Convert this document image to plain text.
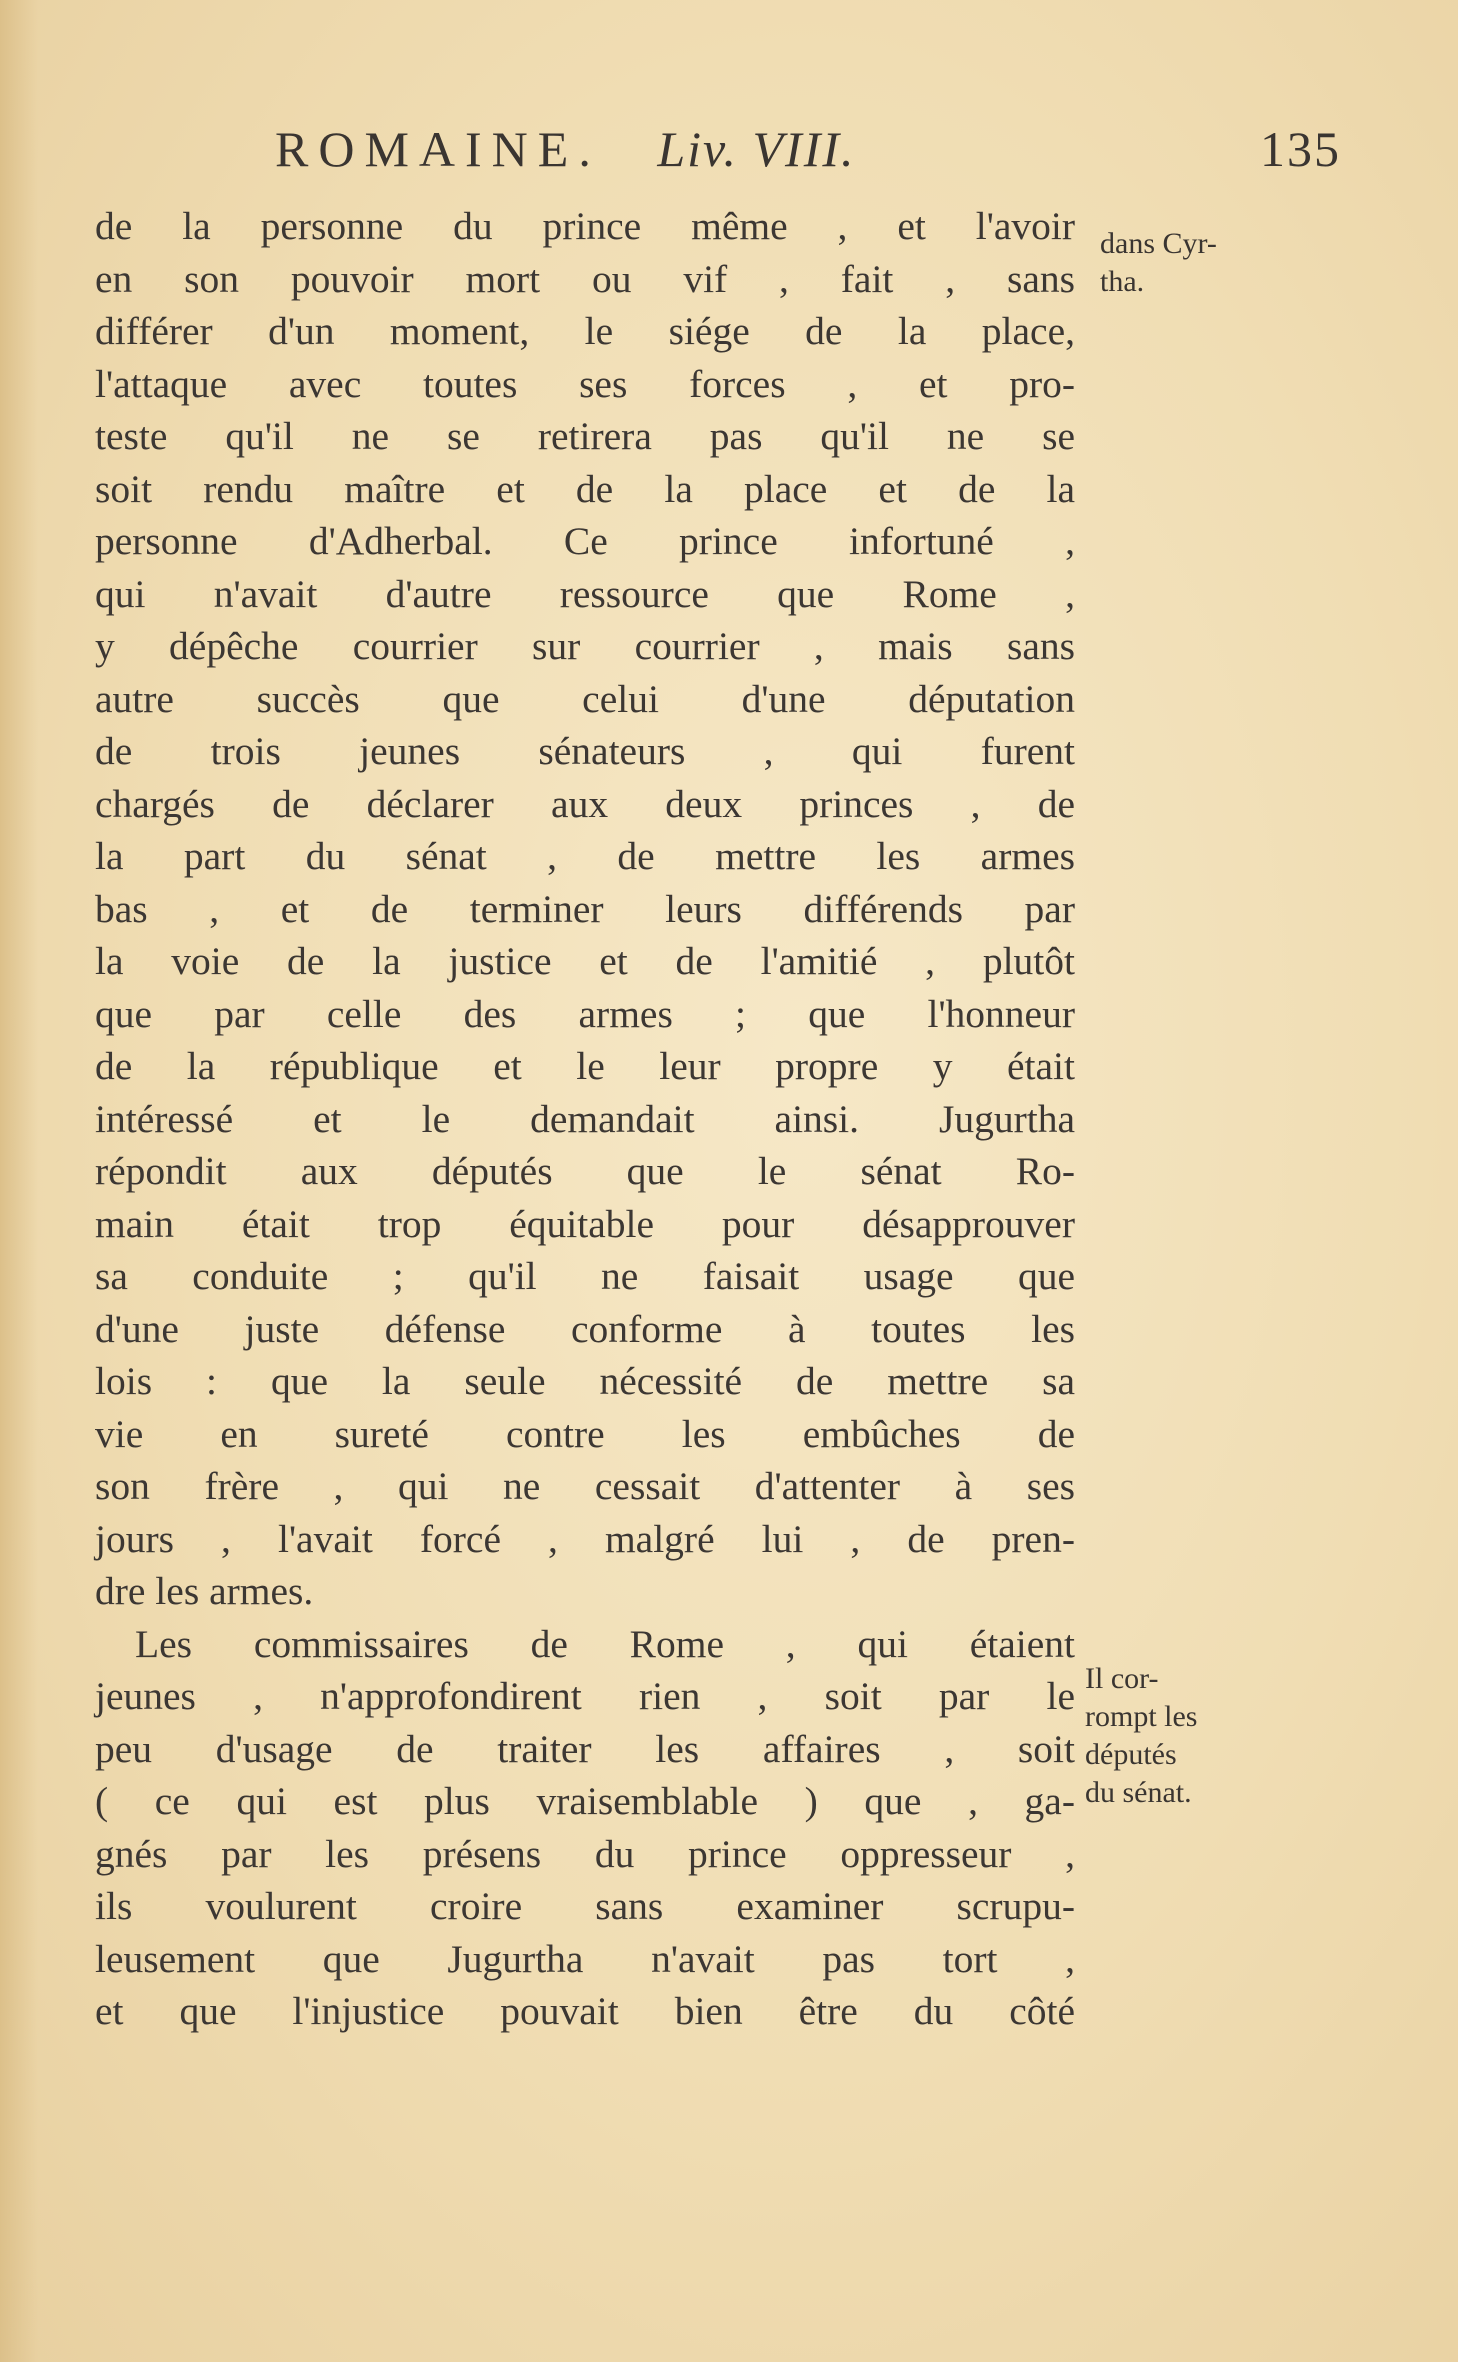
ROMAINE. Liv. VIII.	135
de la personne du prince même , et l'avoir
en son pouvoir mort ou vif , fait , sans
différer d'un moment, le siége de la place,
l'attaque avec toutes ses forces , et pro-
teste qu'il ne se retirera pas qu'il ne se
soit rendu maître et de la place et de la
personne d'Adherbal. Ce prince infortuné ,
qui n'avait d'autre ressource que Rome ,
y dépêche courrier sur courrier , mais sans
autre succès que celui d'une députation
de trois jeunes sénateurs , qui furent
chargés de déclarer aux deux princes , de
la part du sénat , de mettre les armes
bas , et de terminer leurs différends par
la voie de la justice et de l'amitié , plutôt
que par celle des armes ; que l'honneur
de la république et le leur propre y était
intéressé et le demandait ainsi. Jugurtha
répondit aux députés que le sénat Ro-
main était trop équitable pour désapprouver
sa conduite ; qu'il ne faisait usage que
d'une juste défense conforme à toutes les
lois : que la seule nécessité de mettre sa
vie en sureté contre les embûches de
son frère , qui ne cessait d'attenter à ses
jours , l'avait forcé , malgré lui , de pren-
dre les armes.
Les commissaires de Rome , qui étaient
jeunes , n'approfondirent rien , soit par le
peu d'usage de traiter les affaires , soit
( ce qui est plus vraisemblable ) que , ga-
gnés par les présens du prince oppresseur ,
ils voulurent croire sans examiner scrupu-
leusement que Jugurtha n'avait pas tort ,
et que l'injustice pouvait bien être du côté
dans Cyr-
tha.
Il cor-
rompt les
députés
du sénat.
